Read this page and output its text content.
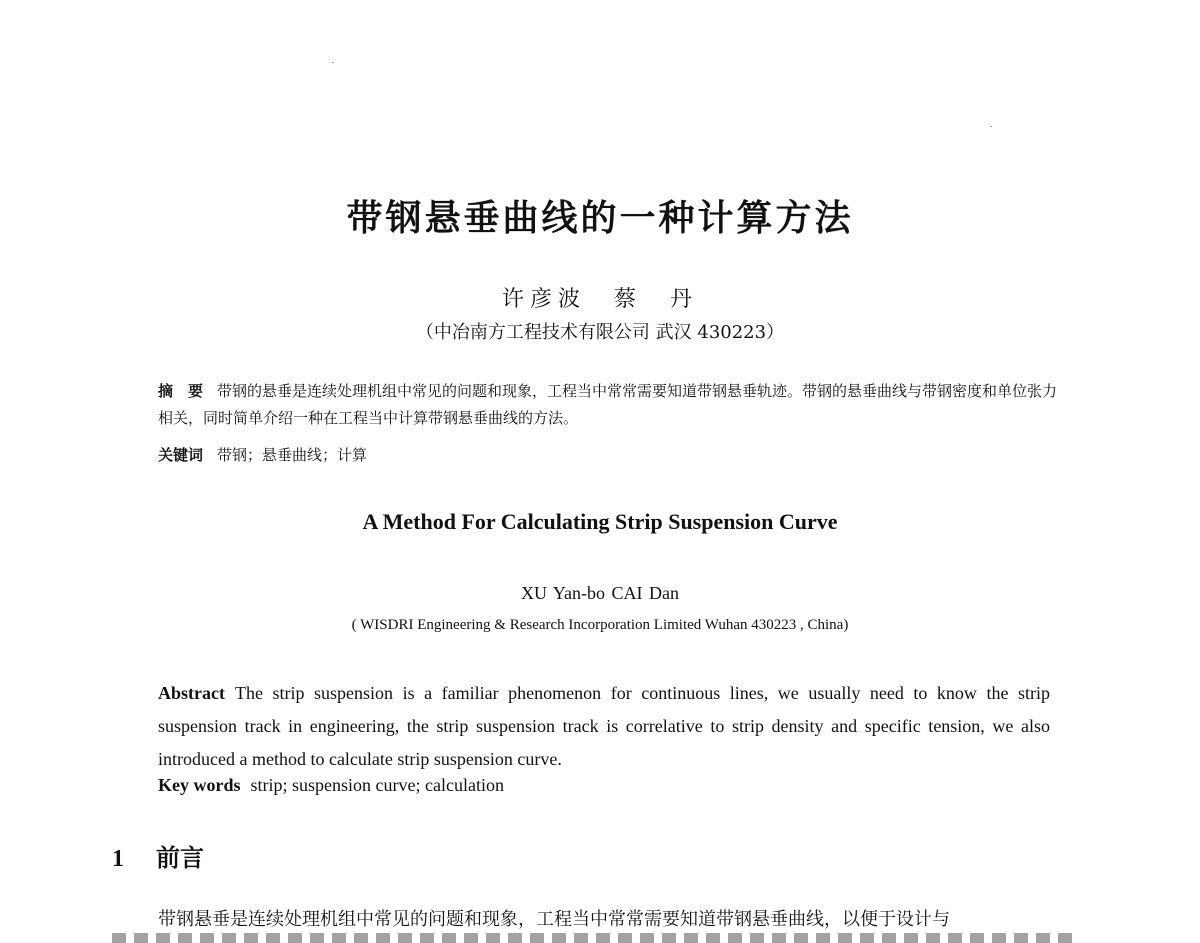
带钢悬垂曲线的一种计算方法
许彦波　蔡　丹
（中冶南方工程技术有限公司 武汉 430223）
摘　要 带钢的悬垂是连续处理机组中常见的问题和现象，工程当中常常需要知道带钢悬垂轨迹。带钢的悬垂曲线与带钢密度和单位张力相关，同时简单介绍一种在工程当中计算带钢悬垂曲线的方法。
关键词 带钢；悬垂曲线；计算
A Method For Calculating Strip Suspension Curve
XU Yan-bo CAI Dan
( WISDRI Engineering & Research Incorporation Limited Wuhan 430223 , China)
Abstract The strip suspension is a familiar phenomenon for continuous lines, we usually need to know the strip suspension track in engineering, the strip suspension track is correlative to strip density and specific tension, we also introduced a method to calculate strip suspension curve.
Key words strip; suspension curve; calculation
1 前言
带钢悬垂是连续处理机组中常见的问题和现象，工程当中常常需要知道带钢悬垂曲线，以便于设计与
